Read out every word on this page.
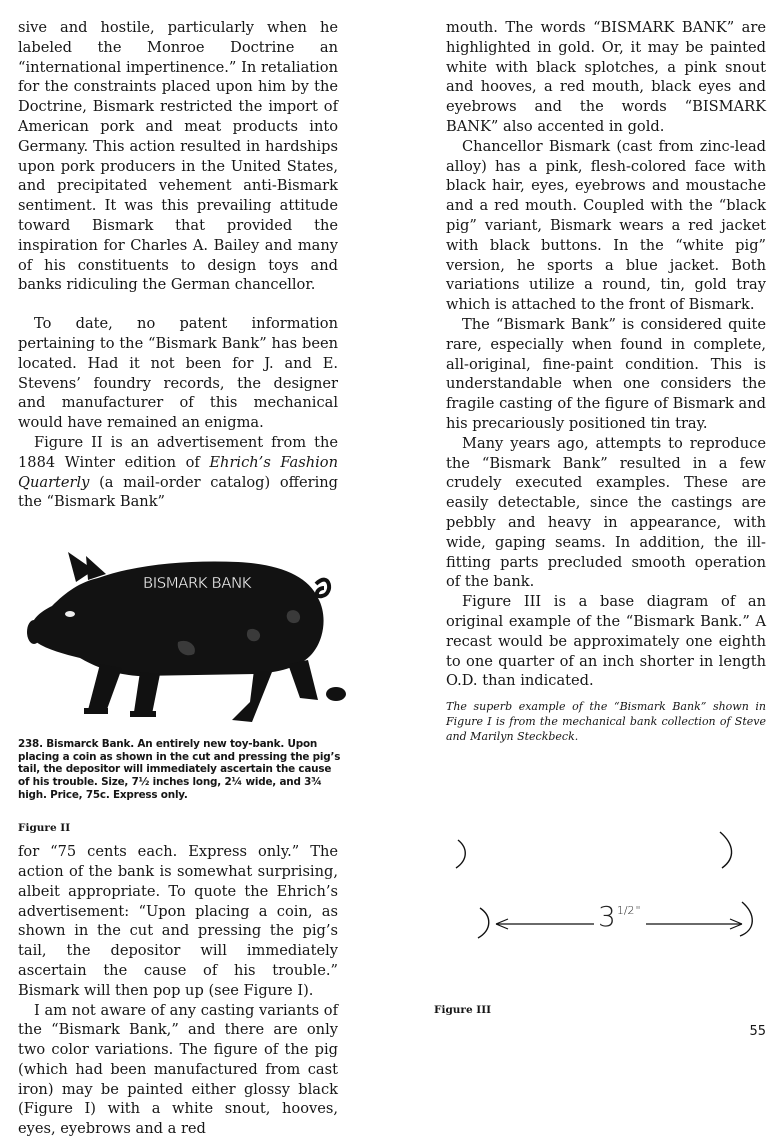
sive and hostile, particularly when he labeled the Monroe Doctrine an “international impertinence.” In retaliation for the constraints placed upon him by the Doctrine, Bismark restricted the import of American pork and meat products into Germany. This action resulted in hardships upon pork producers in the United States, and precipitated vehement anti-Bismark sentiment. It was this prevailing attitude toward Bismark that provided the inspiration for Charles A. Bailey and many of his constituents to design toys and banks ridiculing the German chancellor.

To date, no patent information pertaining to the “Bismark Bank” has been located. Had it not been for J. and E. Stevens’ foundry records, the designer and manufacturer of this mechanical would have remained an enigma.

Figure II is an advertisement from the 1884 Winter edition of Ehrich’s Fashion Quarterly (a mail-order catalog) offering the “Bismark Bank”

BISMARK BANK
238. Bismarck Bank. An entirely new toy-bank. Upon placing a coin as shown in the cut and pressing the pig’s tail, the depositor will immediately ascertain the cause of his trouble. Size, 7½ inches long, 2¼ wide, and 3¾ high. Price, 75c. Express only.
Figure II

for “75 cents each. Express only.” The action of the bank is somewhat surprising, albeit appropriate. To quote the Ehrich’s advertisement: “Upon placing a coin, as shown in the cut and pressing the pig’s tail, the depositor will immediately ascertain the cause of his trouble.” Bismark will then pop up (see Figure I).

I am not aware of any casting variants of the “Bismark Bank,” and there are only two color variations. The figure of the pig (which had been manufactured from cast iron) may be painted either glossy black (Figure I) with a white snout, hooves, eyes, eyebrows and a red

mouth. The words “BISMARK BANK” are highlighted in gold. Or, it may be painted white with black splotches, a pink snout and hooves, a red mouth, black eyes and eyebrows and the words “BISMARK BANK” also accented in gold.

Chancellor Bismark (cast from zinc-lead alloy) has a pink, flesh-colored face with black hair, eyes, eyebrows and moustache and a red mouth. Coupled with the “black pig” variant, Bismark wears a red jacket with black buttons. In the “white pig” version, he sports a blue jacket. Both variations utilize a round, tin, gold tray which is attached to the front of Bismark.

The “Bismark Bank” is considered quite rare, especially when found in complete, all-original, fine-paint condition. This is understandable when one considers the fragile casting of the figure of Bismark and his precariously positioned tin tray.

Many years ago, attempts to reproduce the “Bismark Bank” resulted in a few crudely executed examples. These are easily detectable, since the castings are pebbly and heavy in appearance, with wide, gaping seams. In addition, the ill-fitting parts precluded smooth operation of the bank.

Figure III is a base diagram of an original example of the “Bismark Bank.” A recast would be approximately one eighth to one quarter of an inch shorter in length O.D. than indicated.

The superb example of the “Bismark Bank” shown in Figure I is from the mechanical bank collection of Steve and Marilyn Steckbeck.

$3^{1/2"}$
Figure III
55
